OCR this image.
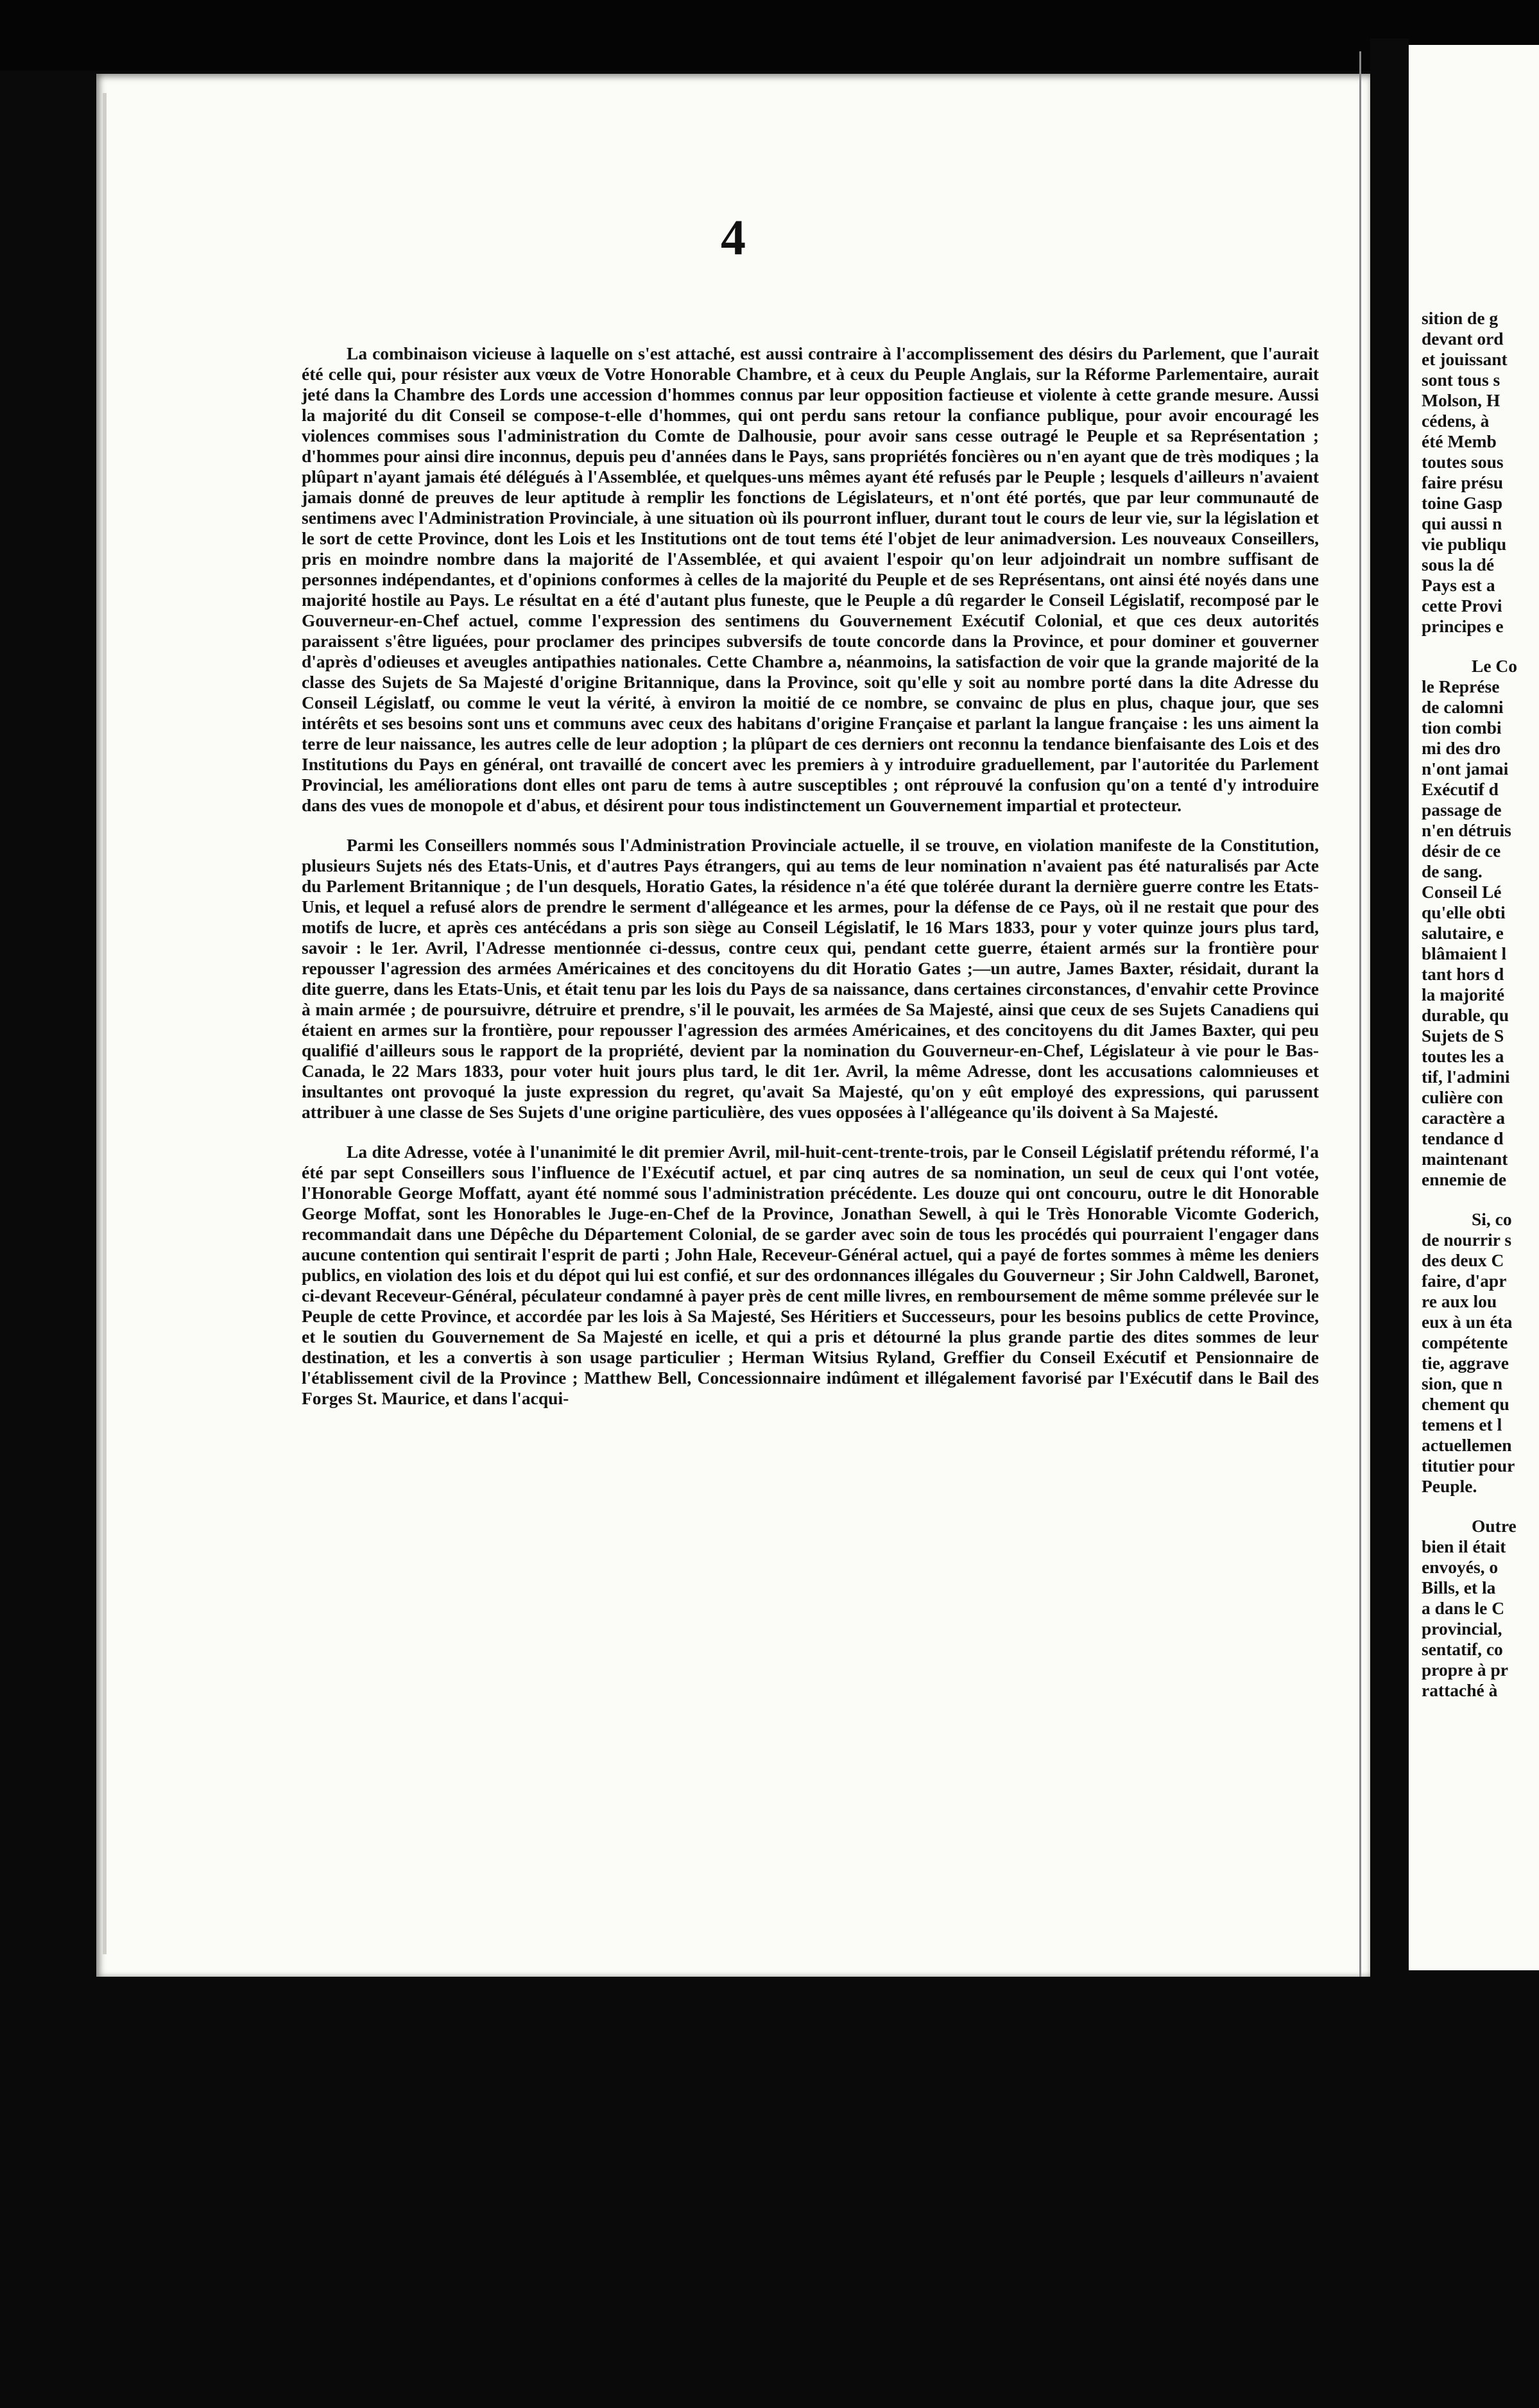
4

La combinaison vicieuse à laquelle on s'est attaché, est aussi contraire à l'accomplissement des désirs du Parlement, que l'aurait été celle qui, pour résister aux vœux de Votre Honorable Chambre, et à ceux du Peuple Anglais, sur la Réforme Parlementaire, aurait jeté dans la Chambre des Lords une accession d'hommes connus par leur opposition factieuse et violente à cette grande mesure. Aussi la majorité du dit Conseil se compose-t-elle d'hommes, qui ont perdu sans retour la confiance publique, pour avoir encouragé les violences commises sous l'administration du Comte de Dalhousie, pour avoir sans cesse outragé le Peuple et sa Représentation ; d'hommes pour ainsi dire inconnus, depuis peu d'années dans le Pays, sans propriétés foncières ou n'en ayant que de très modiques ; la plûpart n'ayant jamais été délégués à l'Assemblée, et quelques-uns mêmes ayant été refusés par le Peuple ; lesquels d'ailleurs n'avaient jamais donné de preuves de leur aptitude à remplir les fonctions de Législateurs, et n'ont été portés, que par leur communauté de sentimens avec l'Administration Provinciale, à une situation où ils pourront influer, durant tout le cours de leur vie, sur la législation et le sort de cette Province, dont les Lois et les Institutions ont de tout tems été l'objet de leur animadversion. Les nouveaux Conseillers, pris en moindre nombre dans la majorité de l'Assemblée, et qui avaient l'espoir qu'on leur adjoindrait un nombre suffisant de personnes indépendantes, et d'opinions conformes à celles de la majorité du Peuple et de ses Représentans, ont ainsi été noyés dans une majorité hostile au Pays. Le résultat en a été d'autant plus funeste, que le Peuple a dû regarder le Conseil Législatif, recomposé par le Gouverneur-en-Chef actuel, comme l'expression des sentimens du Gouvernement Exécutif Colonial, et que ces deux autorités paraissent s'être liguées, pour proclamer des principes subversifs de toute concorde dans la Province, et pour dominer et gouverner d'après d'odieuses et aveugles antipathies nationales. Cette Chambre a, néanmoins, la satisfaction de voir que la grande majorité de la classe des Sujets de Sa Majesté d'origine Britannique, dans la Province, soit qu'elle y soit au nombre porté dans la dite Adresse du Conseil Législatf, ou comme le veut la vérité, à environ la moitié de ce nombre, se convainc de plus en plus, chaque jour, que ses intérêts et ses besoins sont uns et communs avec ceux des habitans d'origine Française et parlant la langue française : les uns aiment la terre de leur naissance, les autres celle de leur adoption ; la plûpart de ces derniers ont reconnu la tendance bienfaisante des Lois et des Institutions du Pays en général, ont travaillé de concert avec les premiers à y introduire graduellement, par l'autoritée du Parlement Provincial, les améliorations dont elles ont paru de tems à autre susceptibles ; ont réprouvé la confusion qu'on a tenté d'y introduire dans des vues de monopole et d'abus, et désirent pour tous indistinctement un Gouvernement impartial et protecteur.

Parmi les Conseillers nommés sous l'Administration Provinciale actuelle, il se trouve, en violation manifeste de la Constitution, plusieurs Sujets nés des Etats-Unis, et d'autres Pays étrangers, qui au tems de leur nomination n'avaient pas été naturalisés par Acte du Parlement Britannique ; de l'un desquels, Horatio Gates, la résidence n'a été que tolérée durant la dernière guerre contre les Etats-Unis, et lequel a refusé alors de prendre le serment d'allégeance et les armes, pour la défense de ce Pays, où il ne restait que pour des motifs de lucre, et après ces antécédans a pris son siège au Conseil Législatif, le 16 Mars 1833, pour y voter quinze jours plus tard, savoir : le 1er. Avril, l'Adresse mentionnée ci-dessus, contre ceux qui, pendant cette guerre, étaient armés sur la frontière pour repousser l'agression des armées Américaines et des concitoyens du dit Horatio Gates ;—un autre, James Baxter, résidait, durant la dite guerre, dans les Etats-Unis, et était tenu par les lois du Pays de sa naissance, dans certaines circonstances, d'envahir cette Province à main armée ; de poursuivre, détruire et prendre, s'il le pouvait, les armées de Sa Majesté, ainsi que ceux de ses Sujets Canadiens qui étaient en armes sur la frontière, pour repousser l'agression des armées Américaines, et des concitoyens du dit James Baxter, qui peu qualifié d'ailleurs sous le rapport de la propriété, devient par la nomination du Gouverneur-en-Chef, Législateur à vie pour le Bas-Canada, le 22 Mars 1833, pour voter huit jours plus tard, le dit 1er. Avril, la même Adresse, dont les accusations calomnieuses et insultantes ont provoqué la juste expression du regret, qu'avait Sa Majesté, qu'on y eût employé des expressions, qui parussent attribuer à une classe de Ses Sujets d'une origine particulière, des vues opposées à l'allégeance qu'ils doivent à Sa Majesté.

La dite Adresse, votée à l'unanimité le dit premier Avril, mil-huit-cent-trente-trois, par le Conseil Législatif prétendu réformé, l'a été par sept Conseillers sous l'influence de l'Exécutif actuel, et par cinq autres de sa nomination, un seul de ceux qui l'ont votée, l'Honorable George Moffatt, ayant été nommé sous l'administration précédente. Les douze qui ont concouru, outre le dit Honorable George Moffat, sont les Honorables le Juge-en-Chef de la Province, Jonathan Sewell, à qui le Très Honorable Vicomte Goderich, recommandait dans une Dépêche du Département Colonial, de se garder avec soin de tous les procédés qui pourraient l'engager dans aucune contention qui sentirait l'esprit de parti ; John Hale, Receveur-Général actuel, qui a payé de fortes sommes à même les deniers publics, en violation des lois et du dépot qui lui est confié, et sur des ordonnances illégales du Gouverneur ; Sir John Caldwell, Baronet, ci-devant Receveur-Général, péculateur condamné à payer près de cent mille livres, en remboursement de même somme prélevée sur le Peuple de cette Province, et accordée par les lois à Sa Majesté, Ses Héritiers et Successeurs, pour les besoins publics de cette Province, et le soutien du Gouvernement de Sa Majesté en icelle, et qui a pris et détourné la plus grande partie des dites sommes de leur destination, et les a convertis à son usage particulier ; Herman Witsius Ryland, Greffier du Conseil Exécutif et Pensionnaire de l'établissement civil de la Province ; Matthew Bell, Concessionnaire indûment et illégalement favorisé par l'Exécutif dans le Bail des Forges St. Maurice, et dans l'acqui-

sition de g
devant ord
et jouissant
sont tous s
Molson, H
cédens, à
été Memb
toutes sous
faire présu
toine Gasp
qui aussi n
vie publiqu
sous la dé
Pays est a
cette Provi
principes e
Le Co
le Représe
de calomni
tion combi
mi des dro
n'ont jamai
Exécutif d
passage de
n'en détruis
désir de ce
de sang.
Conseil Lé
qu'elle obti
salutaire, e
blâmaient l
tant hors d
la majorité
durable, qu
Sujets de S
toutes les a
tif, l'admini
culière con
caractère a
tendance d
maintenant
ennemie de
Si, co
de nourrir s
des deux C
faire, d'apr
re aux lou
eux à un éta
compétente
tie, aggrave
sion, que n
chement qu
temens et l
actuellemen
titutier pour
Peuple.
Outre
bien il était
envoyés, o
Bills, et la
a dans le C
provincial,
sentatif, co
propre à pr
rattaché à
